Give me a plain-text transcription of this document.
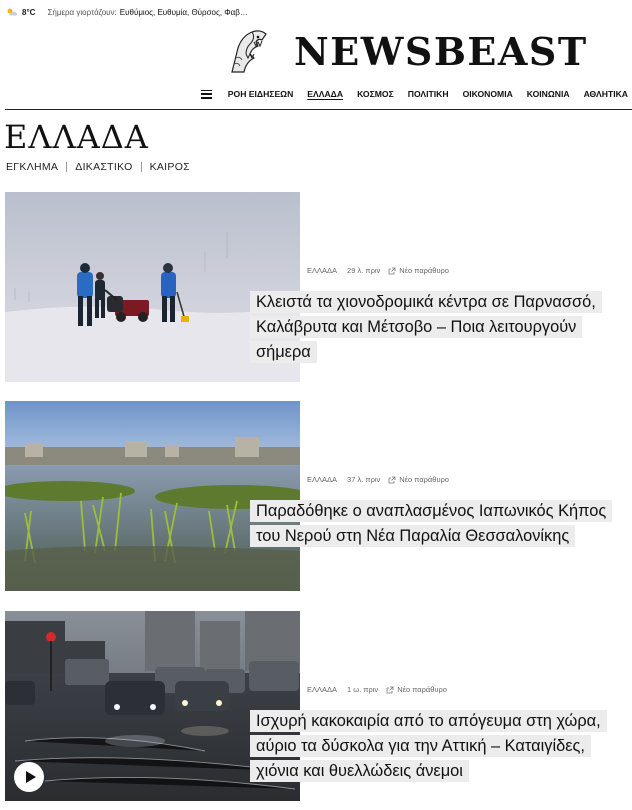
8°C Σήμερα γιορτάζουν: Ευθύμιος, Ευθυμία, Θύρσος, Φαβ…
NEWSBEAST
ΡΟΗ ΕΙΔΗΣΕΩΝ ΕΛΛΑΔΑ ΚΟΣΜΟΣ ΠΟΛΙΤΙΚΗ ΟΙΚΟΝΟΜΙΑ ΚΟΙΝΩΝΙΑ ΑΘΛΗΤΙΚΑ
ΕΛΛΑΔΑ
ΕΓΚΛΗΜΑ ΔΙΚΑΣΤΙΚΟ ΚΑΙΡΟΣ
ΕΛΛΑΔΑ 29 λ. πριν	Νέο παράθυρο
Κλειστά τα χιονοδρομικά κέντρα σε Παρνασσό, Καλάβρυτα και Μέτσοβο – Ποια λειτουργούν σήμερα
ΕΛΛΑΔΑ 37 λ. πριν	Νέο παράθυρο
Παραδόθηκε ο αναπλασμένος Ιαπωνικός Κήπος του Νερού στη Νέα Παραλία Θεσσαλονίκης
ΕΛΛΑΔΑ 1 ω. πριν	Νέο παράθυρο
Ισχυρή κακοκαιρία από το απόγευμα στη χώρα, αύριο τα δύσκολα για την Αττική – Καταιγίδες, χιόνια και θυελλώδεις άνεμοι
